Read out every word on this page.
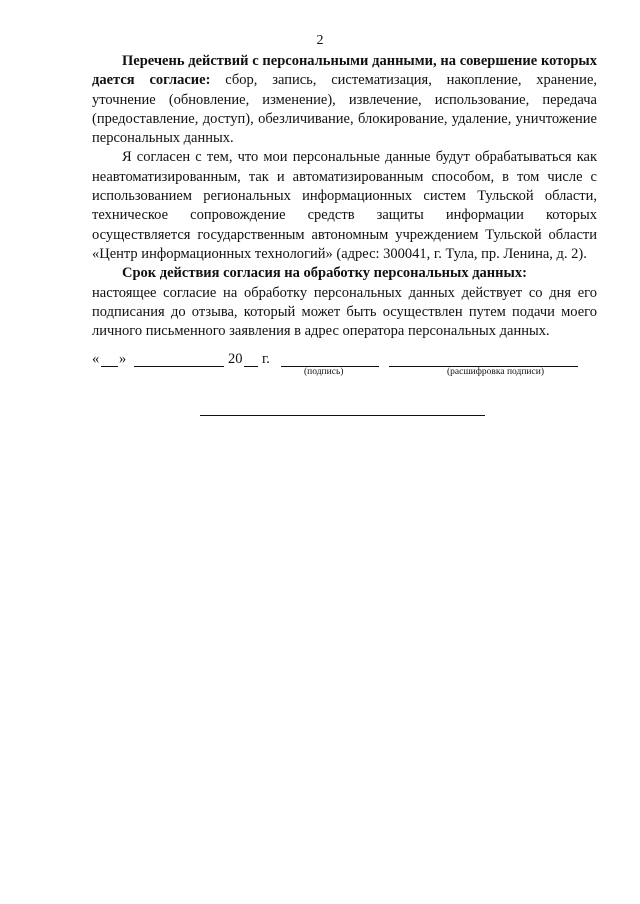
2

Перечень действий с персональными данными, на совершение которых дается согласие: сбор, запись, систематизация, накопление, хранение, уточнение (обновление, изменение), извлечение, использование, передача (предоставление, доступ), обезличивание, блокирование, удаление, уничтожение персональных данных.

Я согласен с тем, что мои персональные данные будут обрабатываться как неавтоматизированным, так и автоматизированным способом, в том числе с использованием региональных информационных систем Тульской области, техническое сопровождение средств защиты информации которых осуществляется государственным автономным учреждением Тульской области «Центр информационных технологий» (адрес: 300041, г. Тула, пр. Ленина, д. 2).

Срок действия согласия на обработку персональных данных:
настоящее согласие на обработку персональных данных действует со дня его подписания до отзыва, который может быть осуществлен путем подачи моего личного письменного заявления в адрес оператора персональных данных.

« »	20 г.
(подпись)	(расшифровка подписи)
